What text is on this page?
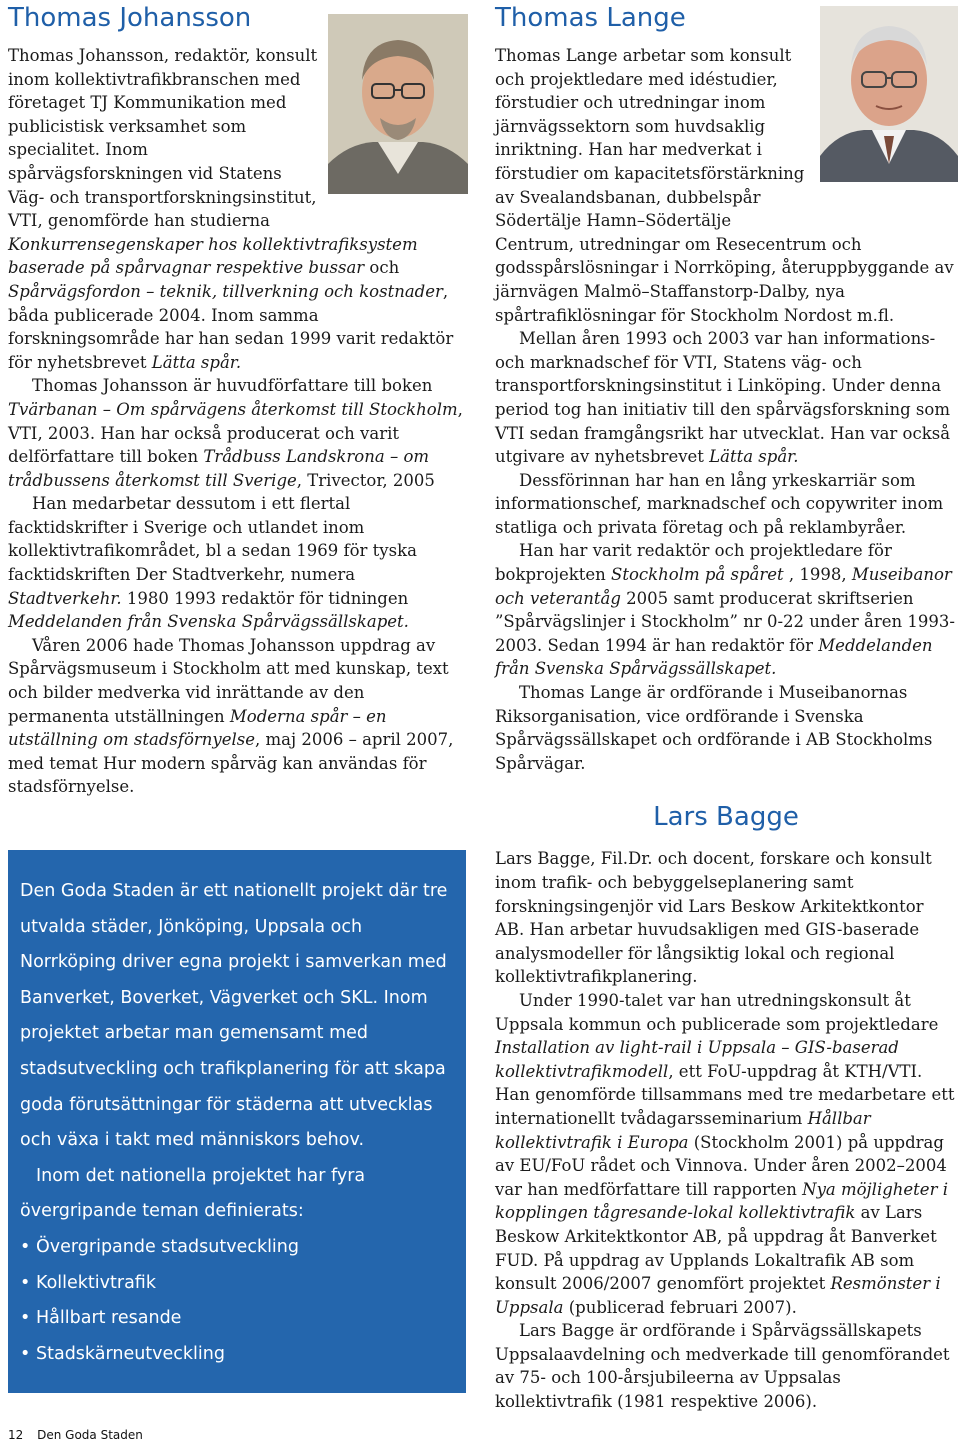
Thomas Johansson

Thomas Johansson, redaktör, konsult inom kollektivtrafikbranschen med företaget TJ Kommunikation med publicistisk verksamhet som specialitet. Inom spårvägsforskningen vid Statens Väg- och transportforskningsinstitut, VTI, genomförde han studierna Konkurrensegenskaper hos kollektivtrafiksystem baserade på spårvagnar respektive bussar och Spårvägsfordon – teknik, tillverkning och kostnader, båda publicerade 2004. Inom samma forskningsområde har han sedan 1999 varit redaktör för nyhetsbrevet Lätta spår.

Thomas Johansson är huvudförfattare till boken Tvärbanan – Om spårvägens återkomst till Stockholm, VTI, 2003. Han har också producerat och varit delförfattare till boken Trådbuss Landskrona – om trådbussens återkomst till Sverige, Trivector, 2005

Han medarbetar dessutom i ett flertal facktidskrifter i Sverige och utlandet inom kollektivtrafikområdet, bl a sedan 1969 för tyska facktidskriften Der Stadtverkehr, numera Stadtverkehr. 1980 1993 redaktör för tidningen Meddelanden från Svenska Spårvägssällskapet.

Våren 2006 hade Thomas Johansson uppdrag av Spårvägsmuseum i Stockholm att med kunskap, text och bilder medverka vid inrättande av den permanenta utställningen Moderna spår – en utställning om stadsförnyelse, maj 2006 – april 2007, med temat Hur modern spårväg kan användas för stadsförnyelse.

Den Goda Staden är ett nationellt projekt där tre utvalda städer, Jönköping, Uppsala och Norrköping driver egna projekt i samverkan med Banverket, Boverket, Vägverket och SKL. Inom projektet arbetar man gemensamt med stadsutveckling och trafikplanering för att skapa goda förutsättningar för städerna att utvecklas och växa i takt med människors behov.

Inom det nationella projektet har fyra övergripande teman definierats:

• Övergripande stadsutveckling
• Kollektivtrafik
• Hållbart resande
• Stadskärneutveckling
Thomas Lange

Thomas Lange arbetar som konsult och projektledare med idéstudier, förstudier och utredningar inom järnvägssektorn som huvdsaklig inriktning. Han har medverkat i förstudier om kapacitetsförstärkning av Svealandsbanan, dubbelspår Södertälje Hamn–Södertälje Centrum, utredningar om Resecentrum och godsspårslösningar i Norrköping, återuppbyggande av järnvägen Malmö–Staffanstorp-Dalby, nya spårtrafiklösningar för Stockholm Nordost m.fl.

Mellan åren 1993 och 2003 var han informations- och marknadschef för VTI, Statens väg- och transportforskningsinstitut i Linköping. Under denna period tog han initiativ till den spårvägsforskning som VTI sedan framgångsrikt har utvecklat. Han var också utgivare av nyhetsbrevet Lätta spår.

Dessförinnan har han en lång yrkeskarriär som informationschef, marknadschef och copywriter inom statliga och privata företag och på reklambyråer.

Han har varit redaktör och projektledare för bokprojekten Stockholm på spåret , 1998, Museibanor och veterantåg 2005 samt producerat skriftserien ”Spårvägslinjer i Stockholm” nr 0-22 under åren 1993-2003. Sedan 1994 är han redaktör för Meddelanden från Svenska Spårvägssällskapet.

Thomas Lange är ordförande i Museibanornas Riksorganisation, vice ordförande i Svenska Spårvägssällskapet och ordförande i AB Stockholms Spårvägar.

Lars Bagge

Lars Bagge, Fil.Dr. och docent, forskare och konsult inom trafik- och bebyggelseplanering samt forskningsingenjör vid Lars Beskow Arkitektkontor AB. Han arbetar huvudsakligen med GIS-baserade analysmodeller för långsiktig lokal och regional kollektivtrafikplanering.

Under 1990-talet var han utredningskonsult åt Uppsala kommun och publicerade som projektledare Installation av light-rail i Uppsala – GIS-baserad kollektivtrafikmodell, ett FoU-uppdrag åt KTH/VTI. Han genomförde tillsammans med tre medarbetare ett internationellt tvådagarsseminarium Hållbar kollektivtrafik i Europa (Stockholm 2001) på uppdrag av EU/FoU rådet och Vinnova. Under åren 2002–2004 var han medförfattare till rapporten Nya möjligheter i kopplingen tågresande-lokal kollektivtrafik av Lars Beskow Arkitektkontor AB, på uppdrag åt Banverket FUD. På uppdrag av Upplands Lokaltrafik AB som konsult 2006/2007 genomfört projektet Resmönster i Uppsala (publicerad februari 2007).

Lars Bagge är ordförande i Spårvägssällskapets Uppsalaavdelning och medverkade till genomförandet av 75- och 100-årsjubileerna av Uppsalas kollektivtrafik (1981 respektive 2006).

12 Den Goda Staden
